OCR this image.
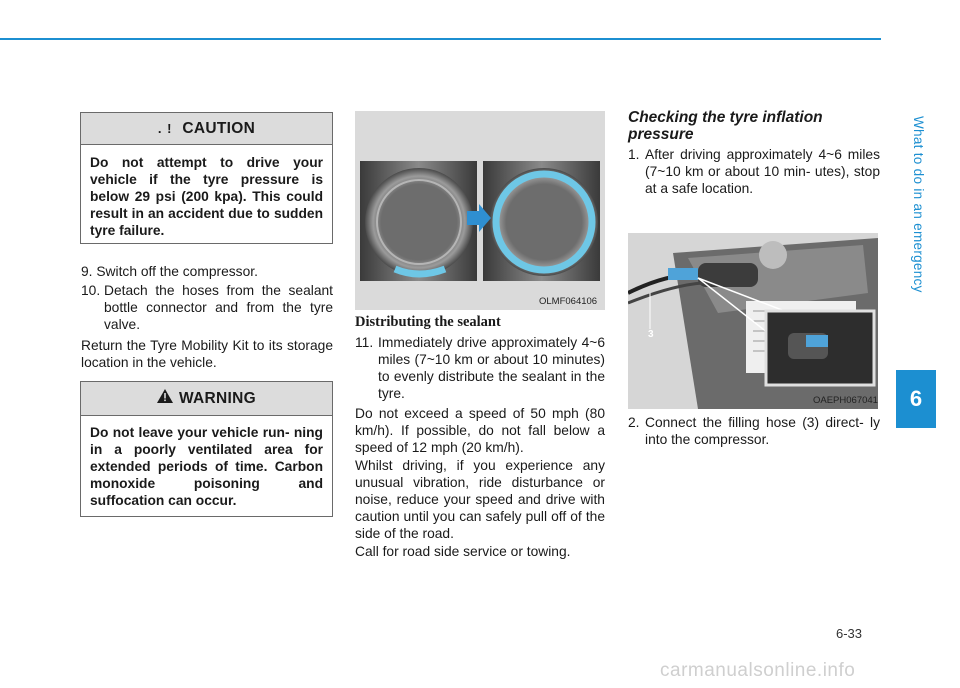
What to do in an emergency
6
. ! CAUTION
Do not attempt to drive your vehicle if the tyre pressure is below 29 psi (200 kpa). This could result in an accident due to sudden tyre failure.
9. Switch off the compressor.
10. Detach the hoses from the sealant bottle connector and from the tyre valve.
Return the Tyre Mobility Kit to its storage location in the vehicle.
WARNING
Do not leave your vehicle run- ning in a poorly ventilated area for extended periods of time. Carbon monoxide poisoning and suffocation can occur.
OLMF064106
Distributing the sealant
11. Immediately drive approximately 4~6 miles (7~10 km or about 10 minutes) to evenly distribute the sealant in the tyre.
Do not exceed a speed of 50 mph (80 km/h). If possible, do not fall below a speed of 12 mph (20 km/h).
Whilst driving, if you experience any unusual vibration, ride disturbance or noise, reduce your speed and drive with caution until you can safely pull off of the side of the road.
Call for road side service or towing.
Checking the tyre inflation
pressure
1. After driving approximately 4~6 miles (7~10 km or about 10 min- utes), stop at a safe location.
3
OAEPH067041
2. Connect the filling hose (3) direct- ly into the compressor.
6-33
carmanualsonline.info
